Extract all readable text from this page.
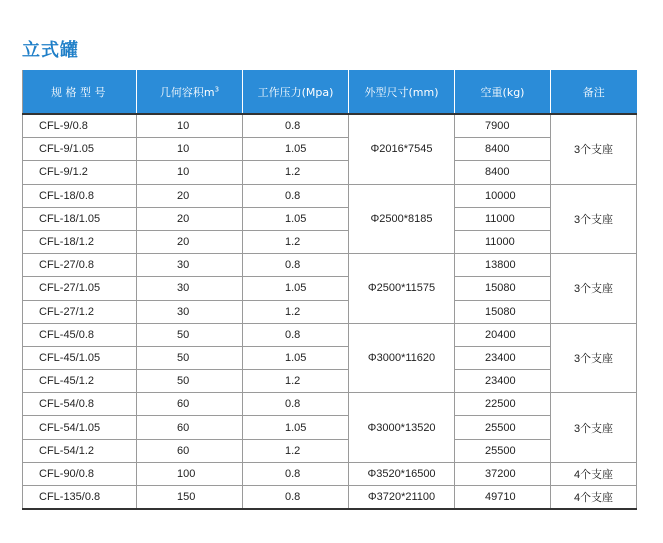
立式罐
规 格 型 号	几何容积$m^3$	工作压力(Mpa)	外型尺寸(mm)	空重(kg)	备注
CFL-9/0.8	10	0.8	Φ2016*7545	7900	3个支座
CFL-9/1.05	10	1.05		8400	
CFL-9/1.2	10	1.2		8400	
CFL-18/0.8	20	0.8	Φ2500*8185	10000	3个支座
CFL-18/1.05	20	1.05		11000	
CFL-18/1.2	20	1.2		11000	
CFL-27/0.8	30	0.8	Φ2500*11575	13800	3个支座
CFL-27/1.05	30	1.05		15080	
CFL-27/1.2	30	1.2		15080	
CFL-45/0.8	50	0.8	Φ3000*11620	20400	3个支座
CFL-45/1.05	50	1.05		23400	
CFL-45/1.2	50	1.2		23400	
CFL-54/0.8	60	0.8	Φ3000*13520	22500	3个支座
CFL-54/1.05	60	1.05		25500	
CFL-54/1.2	60	1.2		25500	
CFL-90/0.8	100	0.8	Φ3520*16500	37200	4个支座
CFL-135/0.8	150	0.8	Φ3720*21100	49710	4个支座
